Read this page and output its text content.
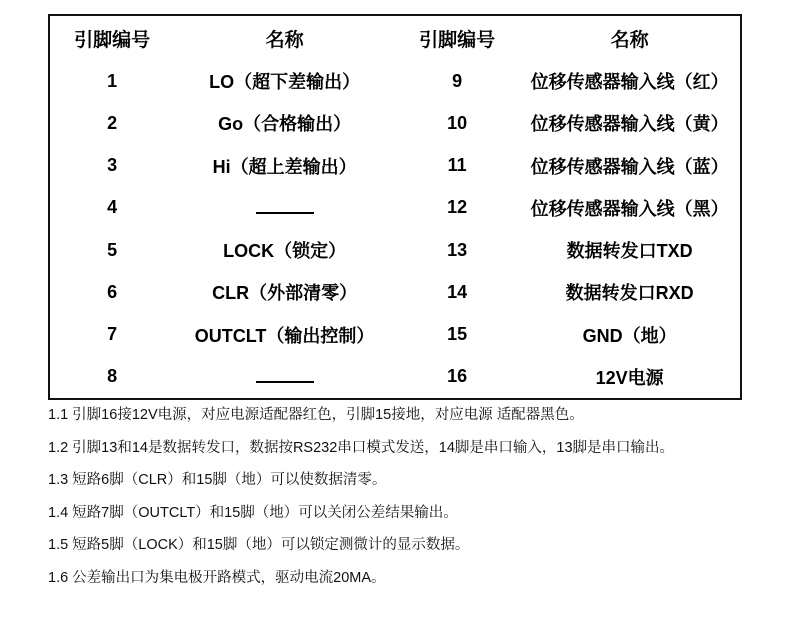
引脚编号	名称	引脚编号	名称
1	LO（超下差输出）	9	位移传感器输入线（红）
2	Go（合格输出）	10	位移传感器输入线（黄）
3	Hi（超上差输出）	11	位移传感器输入线（蓝）
4		12	位移传感器输入线（黑）
5	LOCK（锁定）	13	数据转发口TXD
6	CLR（外部清零）	14	数据转发口RXD
7	OUTCLT（输出控制）	15	GND（地）
8		16	12V电源
1.1 引脚16接12V电源，对应电源适配器红色，引脚15接地，对应电源 适配器黑色。
1.2 引脚13和14是数据转发口，数据按RS232串口模式发送，14脚是串口输入，13脚是串口输出。
1.3 短路6脚（CLR）和15脚（地）可以使数据清零。
1.4 短路7脚（OUTCLT）和15脚（地）可以关闭公差结果输出。
1.5 短路5脚（LOCK）和15脚（地）可以锁定测微计的显示数据。
1.6 公差输出口为集电极开路模式，驱动电流20MA。
